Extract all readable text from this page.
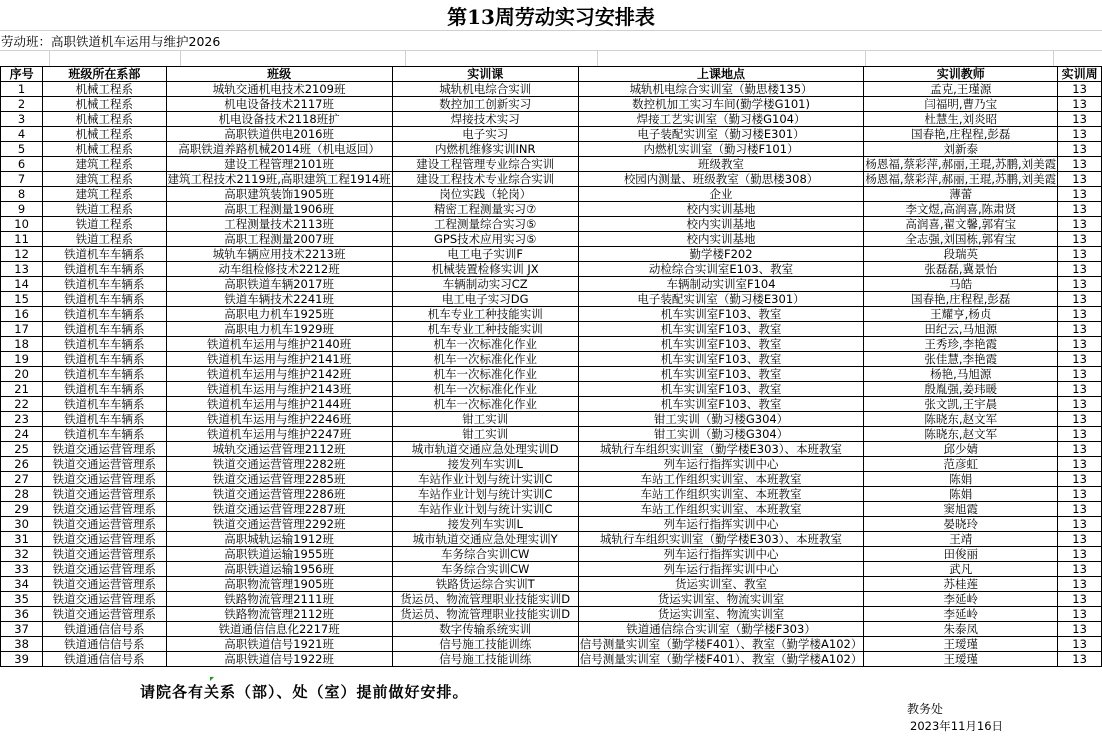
第13周劳动实习安排表
劳动班：高职铁道机车运用与维护2026
序号	班级所在系部	班级	实训课	上课地点	实训教师	实训周
1	机械工程系	城轨交通机电技术2109班	城轨机电综合实训	城轨机电综合实训室（勤思楼135）	孟克,王瑾源	13
2	机械工程系	机电设备技术2117班	数控加工创新实习	数控机加工实习车间(勤学楼G101)	闫福明,曹乃宝	13
3	机械工程系	机电设备技术2118班扩	焊接技术实习	焊接工艺实训室（勤习楼G104）	杜慧生,刘炎昭	13
4	机械工程系	高职铁道供电2016班	电子实习	电子装配实训室（勤习楼E301）	国春艳,庄程程,彭磊	13
5	机械工程系	高职铁道养路机械2014班（机电返回）	内燃机维修实训INR	内燃机实训室（勤习楼F101）	刘新泰	13
6	建筑工程系	建设工程管理2101班	建设工程管理专业综合实训	班级教室	杨恩福,蔡彩萍,郝丽,王琨,苏鹏,刘美霞	13
7	建筑工程系	建筑工程技术2119班,高职建筑工程1914班	建设工程技术专业综合实训	校园内测量、班级教室（勤思楼308）	杨恩福,蔡彩萍,郝丽,王琨,苏鹏,刘美霞	13
8	建筑工程系	高职建筑装饰1905班	岗位实践（轮岗）	企业	薄蕾	13
9	铁道工程系	高职工程测量1906班	精密工程测量实习⑦	校内实训基地	李文煜,高润喜,陈肃贤	13
10	铁道工程系	工程测量技术2113班	工程测量综合实习⑤	校内实训基地	高润喜,翟文馨,郭宥宝	13
11	铁道工程系	高职工程测量2007班	GPS技术应用实习⑤	校内实训基地	全志强,刘国栋,郭宥宝	13
12	铁道机车车辆系	城轨车辆应用技术2213班	电工电子实训F	勤学楼F202	段瑞英	13
13	铁道机车车辆系	动车组检修技术2212班	机械装置检修实训 JX	动检综合实训室E103、教室	张磊磊,冀景怡	13
14	铁道机车车辆系	高职铁道车辆2017班	车辆制动实习CZ	车辆制动实训室F104	马皓	13
15	铁道机车车辆系	铁道车辆技术2241班	电工电子实习DG	电子装配实训室（勤习楼E301）	国春艳,庄程程,彭磊	13
16	铁道机车车辆系	高职电力机车1925班	机车专业工种技能实训	机车实训室F103、教室	王耀亨,杨贞	13
17	铁道机车车辆系	高职电力机车1929班	机车专业工种技能实训	机车实训室F103、教室	田纪云,马旭源	13
18	铁道机车车辆系	铁道机车运用与维护2140班	机车一次标准化作业	机车实训室F103、教室	王秀珍,李艳霞	13
19	铁道机车车辆系	铁道机车运用与维护2141班	机车一次标准化作业	机车实训室F103、教室	张佳慧,李艳霞	13
20	铁道机车车辆系	铁道机车运用与维护2142班	机车一次标准化作业	机车实训室F103、教室	杨艳,马旭源	13
21	铁道机车车辆系	铁道机车运用与维护2143班	机车一次标准化作业	机车实训室F103、教室	殷胤强,姜玮暖	13
22	铁道机车车辆系	铁道机车运用与维护2144班	机车一次标准化作业	机车实训室F103、教室	张文凯,王宇晨	13
23	铁道机车车辆系	铁道机车运用与维护2246班	钳工实训	钳工实训（勤习楼G304）	陈晓东,赵文军	13
24	铁道机车车辆系	铁道机车运用与维护2247班	钳工实训	钳工实训（勤习楼G304）	陈晓东,赵文军	13
25	铁道交通运营管理系	城轨交通运营管理2112班	城市轨道交通应急处理实训D	城轨行车组织实训室（勤学楼E303）、本班教室	邱少婧	13
26	铁道交通运营管理系	铁道交通运营管理2282班	接发列车实训L	列车运行指挥实训中心	范彦虹	13
27	铁道交通运营管理系	铁道交通运营管理2285班	车站作业计划与统计实训C	车站工作组织实训室、本班教室	陈娟	13
28	铁道交通运营管理系	铁道交通运营管理2286班	车站作业计划与统计实训C	车站工作组织实训室、本班教室	陈娟	13
29	铁道交通运营管理系	铁道交通运营管理2287班	车站作业计划与统计实训C	车站工作组织实训室、本班教室	窦旭霞	13
30	铁道交通运营管理系	铁道交通运营管理2292班	接发列车实训L	列车运行指挥实训中心	晏晓玲	13
31	铁道交通运营管理系	高职城轨运输1912班	城市轨道交通应急处理实训Y	城轨行车组织实训室（勤学楼E303）、本班教室	王靖	13
32	铁道交通运营管理系	高职铁道运输1955班	车务综合实训CW	列车运行指挥实训中心	田俊丽	13
33	铁道交通运营管理系	高职铁道运输1956班	车务综合实训CW	列车运行指挥实训中心	武凡	13
34	铁道交通运营管理系	高职物流管理1905班	铁路货运综合实训T	货运实训室、教室	苏桂莲	13
35	铁道交通运营管理系	铁路物流管理2111班	货运员、物流管理职业技能实训D	货运实训室、物流实训室	李延岭	13
36	铁道交通运营管理系	铁路物流管理2112班	货运员、物流管理职业技能实训D	货运实训室、物流实训室	李延岭	13
37	铁道通信信号系	铁道通信信息化2217班	数字传输系统实训	铁道通信综合实训室（勤学楼F303）	朱泰凤	13
38	铁道通信信号系	高职铁道信号1921班	信号施工技能训练	信号测量实训室（勤学楼F401）、教室（勤学楼A102）	王瑷瑾	13
39	铁道通信信号系	高职铁道信号1922班	信号施工技能训练	信号测量实训室（勤学楼F401）、教室（勤学楼A102）	王瑷瑾	13
请院各有关系（部）、处（室）提前做好安排。
教务处
2023年11月16日
